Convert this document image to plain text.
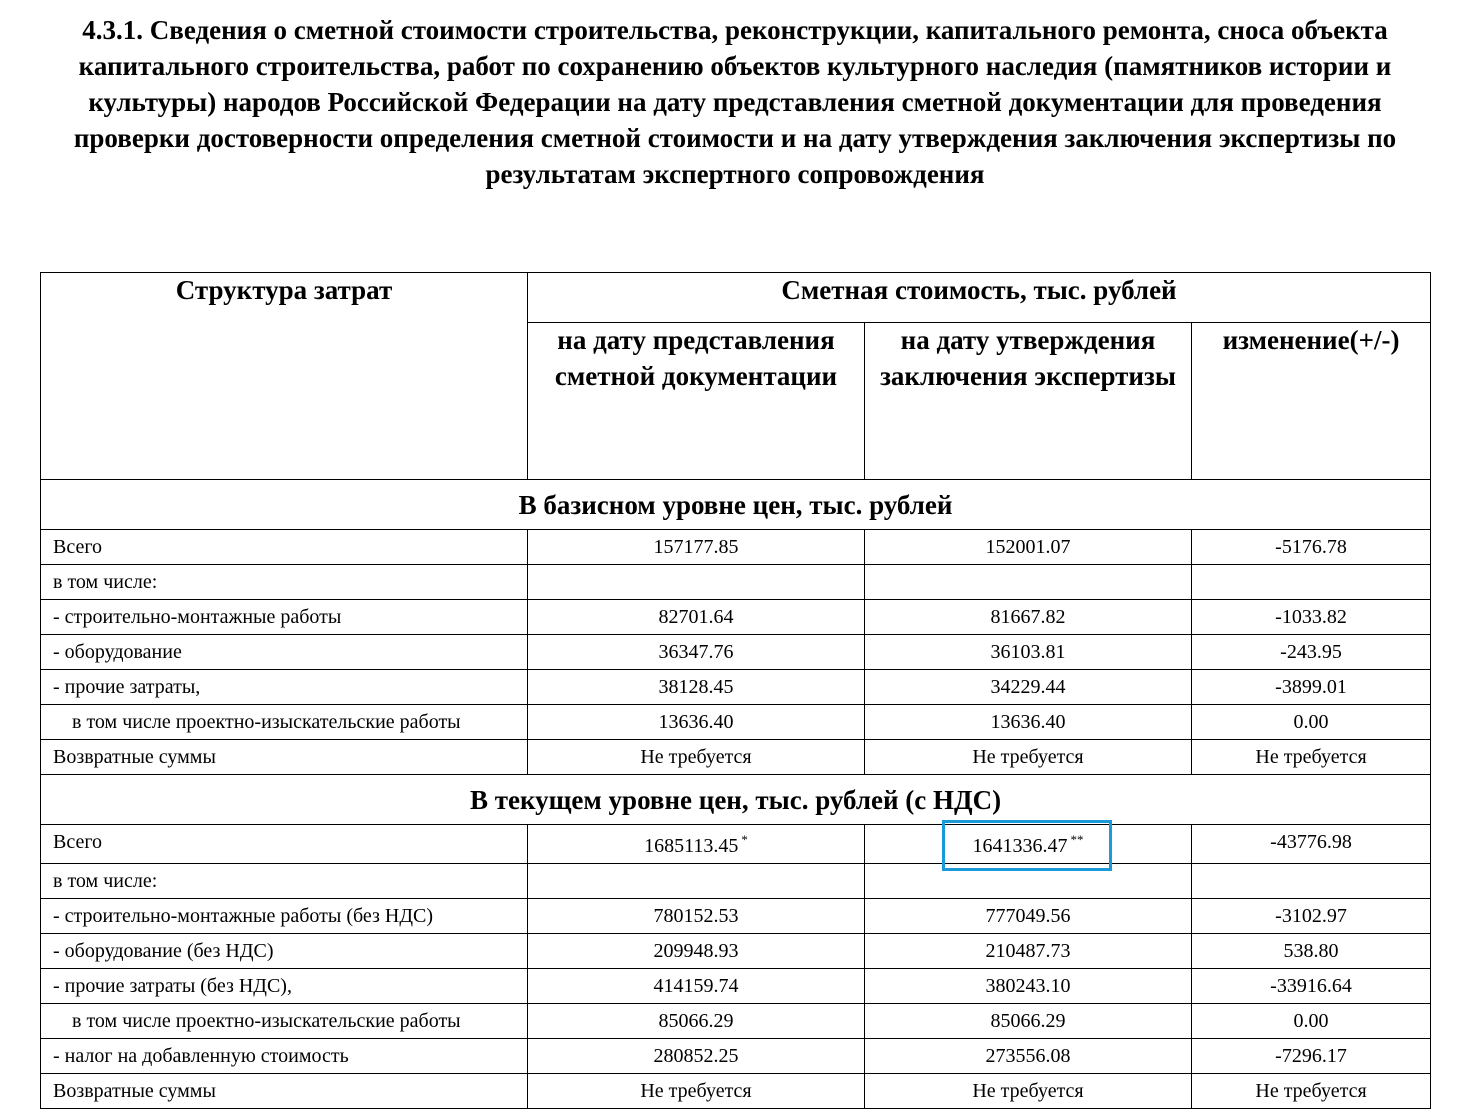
4.3.1. Сведения о сметной стоимости строительства, реконструкции, капитального ремонта, сноса объекта капитального строительства, работ по сохранению объектов культурного наследия (памятников истории и культуры) народов Российской Федерации на дату представления сметной документации для проведения проверки достоверности определения сметной стоимости и на дату утверждения заключения экспертизы по результатам экспертного сопровождения
Структура затрат	Сметная стоимость, тыс. рублей		
	на дату представления сметной документации	на дату утверждения заключения экспертизы	изменение(+/-)
В базисном уровне цен, тыс. рублей			
Всего	157177.85	152001.07	-5176.78
в том числе:			
- строительно-монтажные работы	82701.64	81667.82	-1033.82
- оборудование	36347.76	36103.81	-243.95
- прочие затраты,	38128.45	34229.44	-3899.01
в том числе проектно-изыскательские работы	13636.40	13636.40	0.00
Возвратные суммы	Не требуется	Не требуется	Не требуется
В текущем уровне цен, тыс. рублей (с НДС)			
Всего	1685113.45 *	1641336.47 **	-43776.98
в том числе:			
- строительно-монтажные работы (без НДС)	780152.53	777049.56	-3102.97
- оборудование (без НДС)	209948.93	210487.73	538.80
- прочие затраты (без НДС),	414159.74	380243.10	-33916.64
в том числе проектно-изыскательские работы	85066.29	85066.29	0.00
- налог на добавленную стоимость	280852.25	273556.08	-7296.17
Возвратные суммы	Не требуется	Не требуется	Не требуется
